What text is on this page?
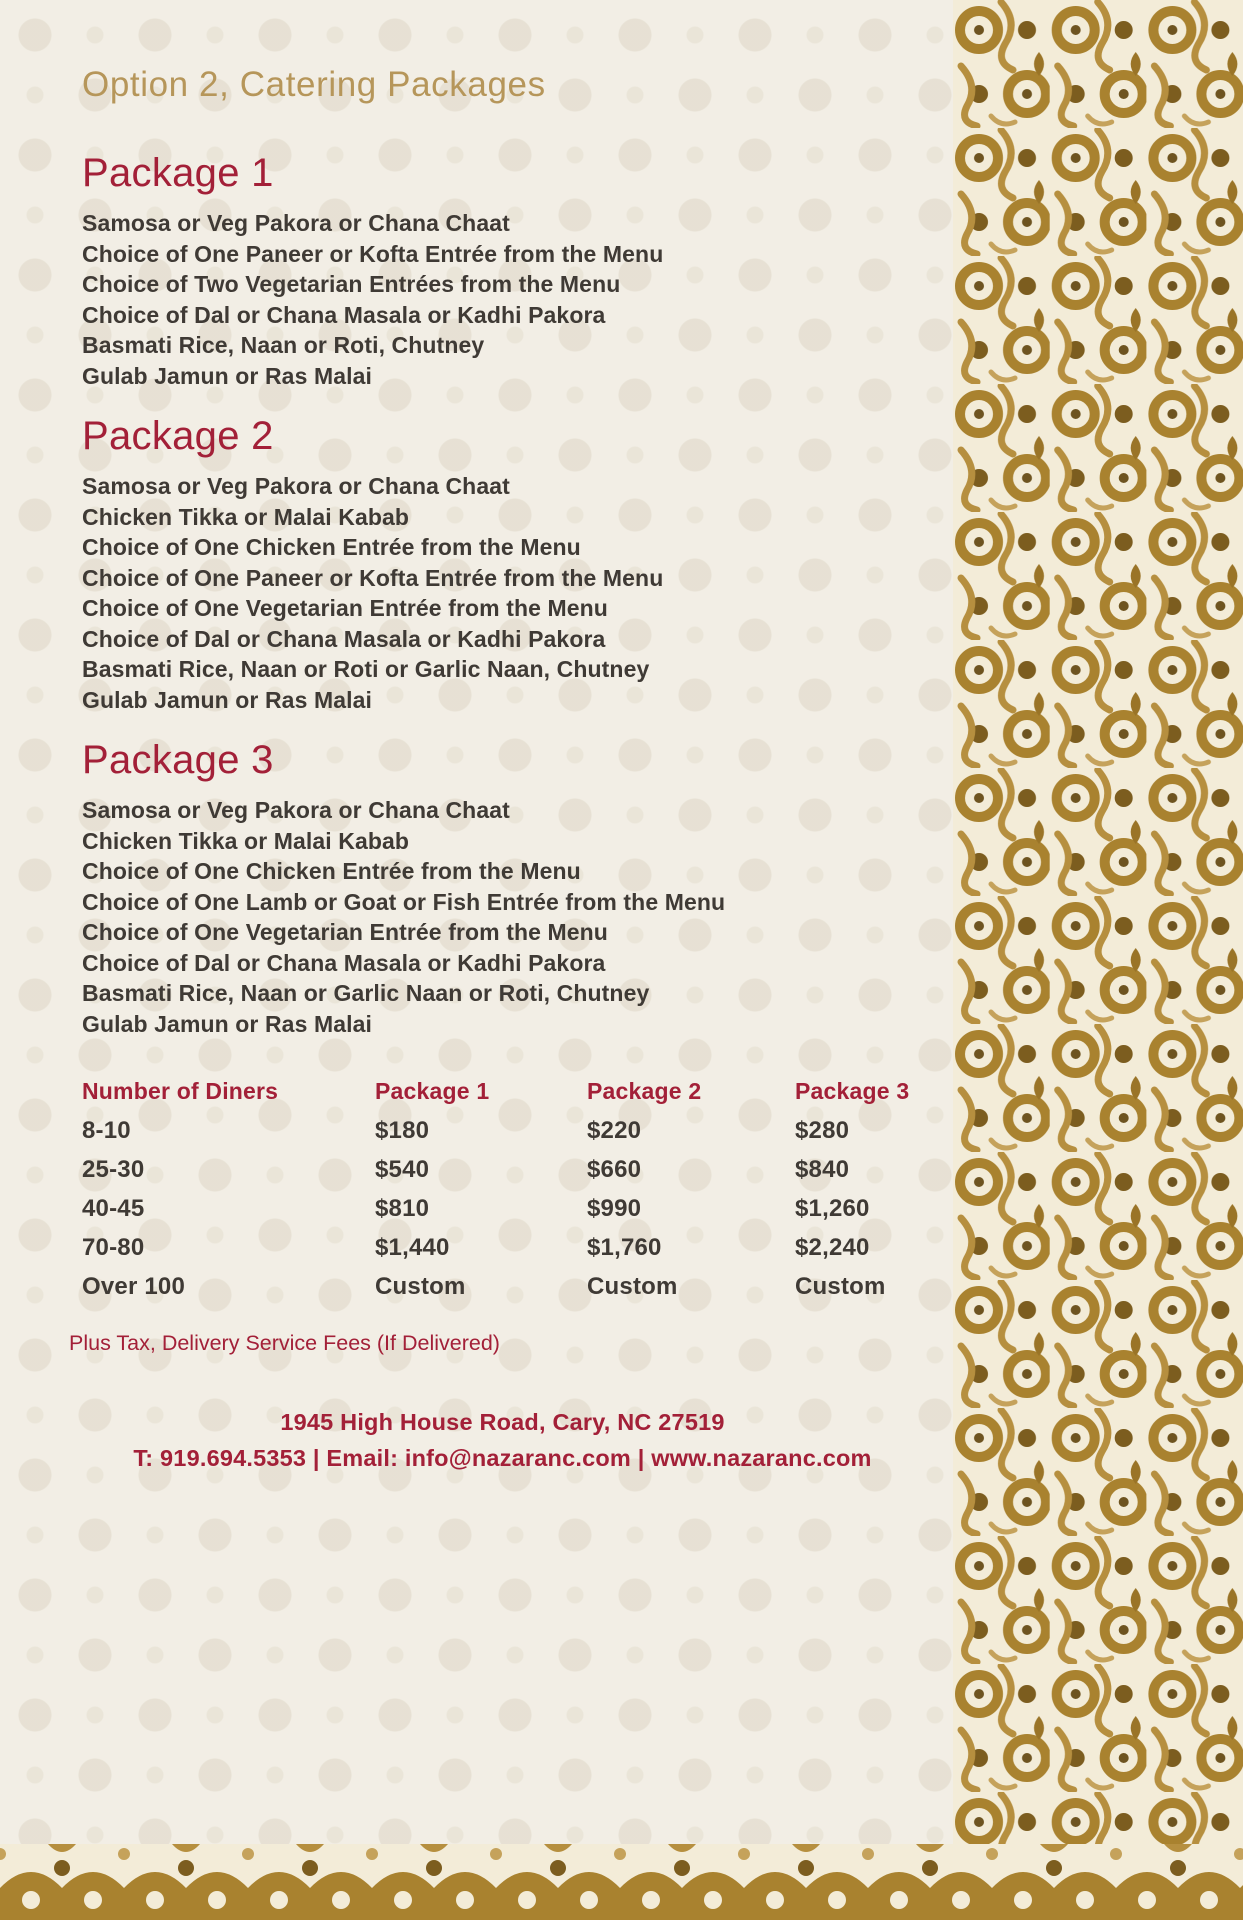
Option 2, Catering Packages
Package 1

Samosa or Veg Pakora or Chana Chaat

Choice of One Paneer or Kofta Entrée from the Menu

Choice of Two Vegetarian Entrées from the Menu

Choice of Dal or Chana Masala or Kadhi Pakora

Basmati Rice, Naan or Roti, Chutney

Gulab Jamun or Ras Malai

Package 2

Samosa or Veg Pakora or Chana Chaat

Chicken Tikka or Malai Kabab

Choice of One Chicken Entrée from the Menu

Choice of One Paneer or Kofta Entrée from the Menu

Choice of One Vegetarian Entrée from the Menu

Choice of Dal or Chana Masala or Kadhi Pakora

Basmati Rice, Naan or Roti or Garlic Naan, Chutney

Gulab Jamun or Ras Malai

Package 3

Samosa or Veg Pakora or Chana Chaat

Chicken Tikka or Malai Kabab

Choice of One Chicken Entrée from the Menu

Choice of One Lamb or Goat or Fish Entrée from the Menu

Choice of One Vegetarian Entrée from the Menu

Choice of Dal or Chana Masala or Kadhi Pakora

Basmati Rice, Naan or Garlic Naan or Roti, Chutney

Gulab Jamun or Ras Malai

Number of Diners	Package 1	Package 2	Package 3
8-10	$180	$220	$280
25-30	$540	$660	$840
40-45	$810	$990	$1,260
70-80	$1,440	$1,760	$2,240
Over 100	Custom	Custom	Custom

Plus Tax, Delivery Service Fees (If Delivered)

1945 High House Road, Cary, NC 27519

T: 919.694.5353 | Email: info@nazaranc.com | www.nazaranc.com
